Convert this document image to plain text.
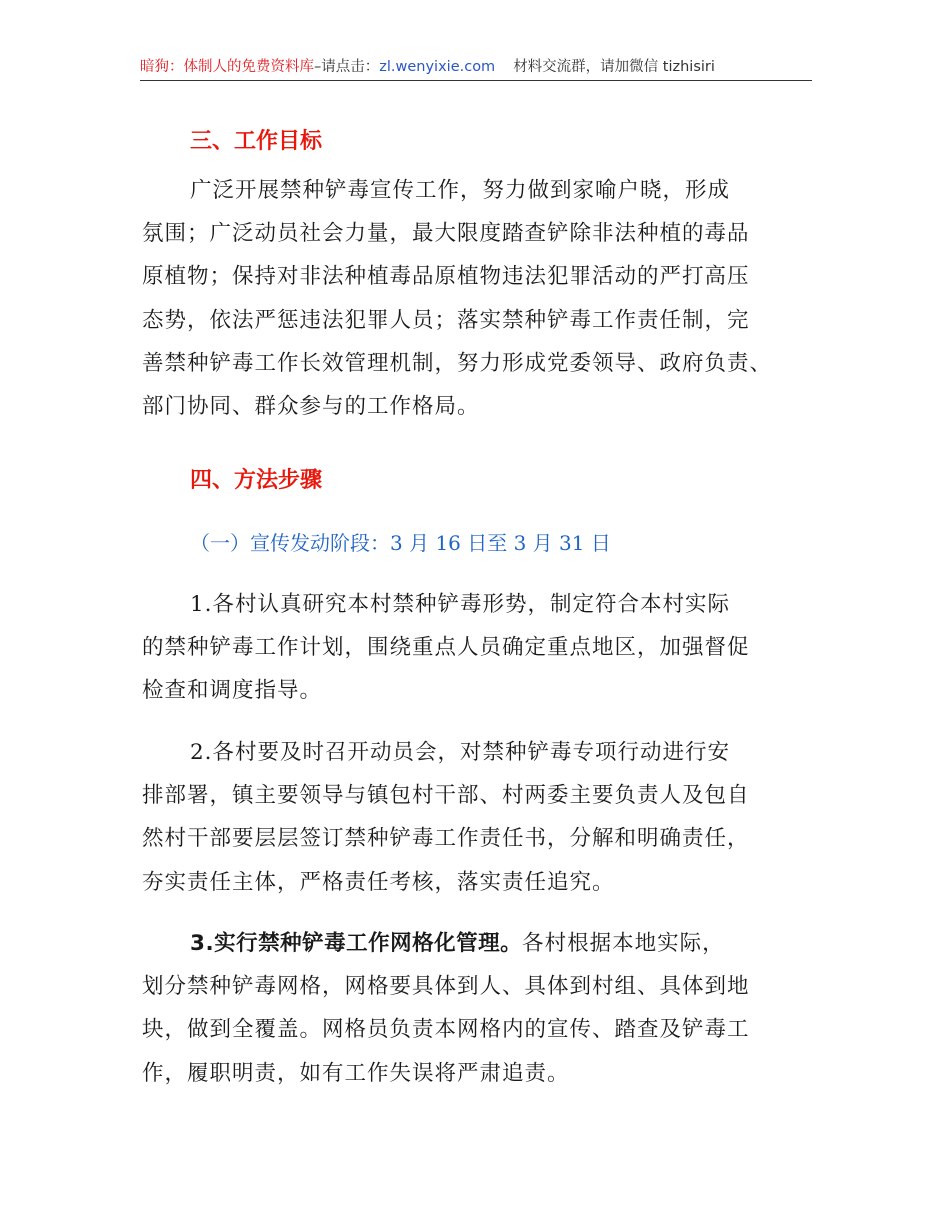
暗狗：体制人的免费资料库–请点击：zl.wenyixie.com 材料交流群，请加微信 tizhisiri
三、工作目标
广泛开展禁种铲毒宣传工作，努力做到家喻户晓，形成
氛围；广泛动员社会力量，最大限度踏查铲除非法种植的毒品
原植物；保持对非法种植毒品原植物违法犯罪活动的严打高压
态势，依法严惩违法犯罪人员；落实禁种铲毒工作责任制，完
善禁种铲毒工作长效管理机制，努力形成党委领导、政府负责、
部门协同、群众参与的工作格局。
四、方法步骤
（一）宣传发动阶段：3 月 16 日至 3 月 31 日
1.各村认真研究本村禁种铲毒形势，制定符合本村实际
的禁种铲毒工作计划，围绕重点人员确定重点地区，加强督促
检查和调度指导。
2.各村要及时召开动员会，对禁种铲毒专项行动进行安
排部署，镇主要领导与镇包村干部、村两委主要负责人及包自
然村干部要层层签订禁种铲毒工作责任书，分解和明确责任，
夯实责任主体，严格责任考核，落实责任追究。
3.实行禁种铲毒工作网格化管理。各村根据本地实际，
划分禁种铲毒网格，网格要具体到人、具体到村组、具体到地
块，做到全覆盖。网格员负责本网格内的宣传、踏查及铲毒工
作，履职明责，如有工作失误将严肃追责。
